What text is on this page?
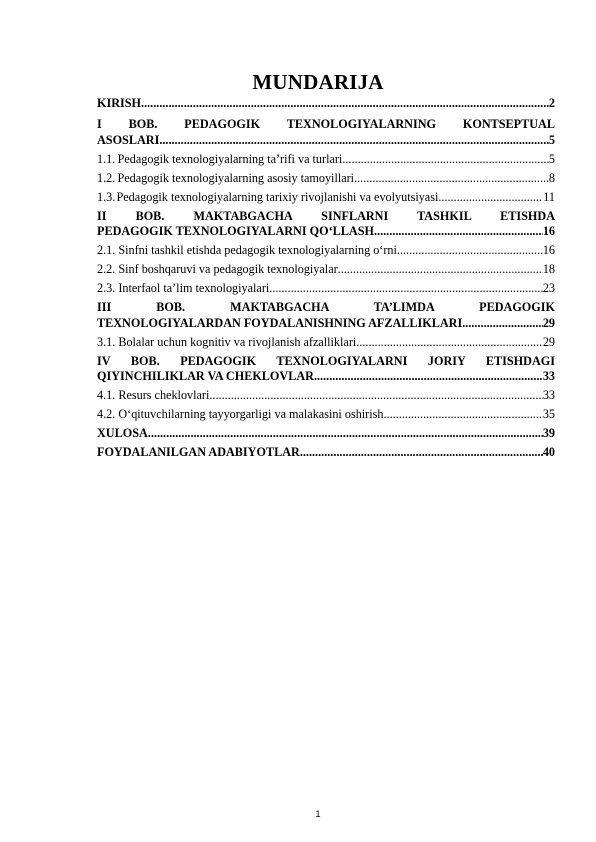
MUNDARIJA
KIRISH .....	2
I BOB. PEDAGOGIK TEXNOLOGIYALARNING KONTSEPTUAL
ASOSLARI .....	5
1.1. Pedagogik texnologiyalarning ta’rifi va turlari .....	5
1.2. Pedagogik texnologiyalarning asosiy tamoyillari .....	8
1.3. Pedagogik texnologiyalarning tarixiy rivojlanishi va evolyutsiyasi .....	11
II BOB. MAKTABGACHA SINFLARNI TASHKIL ETISHDA
PEDAGOGIK TEXNOLOGIYALARNI QO‘LLASH .....	16
2.1. Sinfni tashkil etishda pedagogik texnologiyalarning o‘rni .....	16
2.2. Sinf boshqaruvi va pedagogik texnologiyalar .....	18
2.3. Interfaol ta’lim texnologiyalari .....	23
III BOB. MAKTABGACHA TA’LIMDA PEDAGOGIK
TEXNOLOGIYALARDAN FOYDALANISHNING AFZALLIKLARI .....	29
3.1. Bolalar uchun kognitiv va rivojlanish afzalliklari .....	29
IV BOB. PEDAGOGIK TEXNOLOGIYALARNI JORIY ETISHDAGI
QIYINCHILIKLAR VA CHEKLOVLAR .....	33
4.1. Resurs cheklovlari .....	33
4.2. O‘qituvchilarning tayyorgarligi va malakasini oshirish .....	35
XULOSA .....	39
FOYDALANILGAN ADABIYOTLAR .....	40
1
